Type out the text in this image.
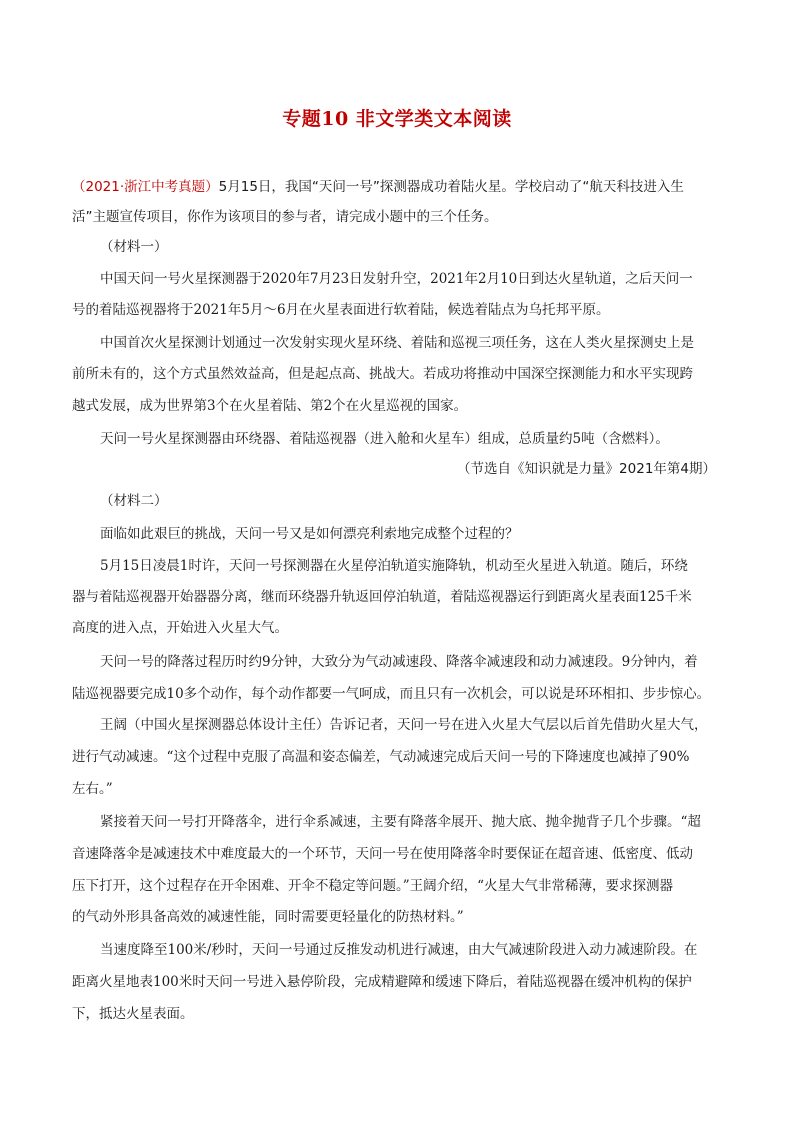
专题10 非文学类文本阅读
（2021·浙江中考真题）5月15日，我国“天问一号”探测器成功着陆火星。学校启动了“航天科技进入生
活”主题宣传项目，你作为该项目的参与者，请完成小题中的三个任务。
（材料一）
中国天问一号火星探测器于2020年7月23日发射升空，2021年2月10日到达火星轨道，之后天问一
号的着陆巡视器将于2021年5月～6月在火星表面进行软着陆，候选着陆点为乌托邦平原。
中国首次火星探测计划通过一次发射实现火星环绕、着陆和巡视三项任务，这在人类火星探测史上是
前所未有的，这个方式虽然效益高，但是起点高、挑战大。若成功将推动中国深空探测能力和水平实现跨
越式发展，成为世界第3个在火星着陆、第2个在火星巡视的国家。
天问一号火星探测器由环绕器、着陆巡视器（进入舱和火星车）组成，总质量约5吨（含燃料）。
（节选自《知识就是力量》2021年第4期）
（材料二）
面临如此艰巨的挑战，天问一号又是如何漂亮利索地完成整个过程的？
5月15日凌晨1时许，天问一号探测器在火星停泊轨道实施降轨，机动至火星进入轨道。随后，环绕
器与着陆巡视器开始器器分离，继而环绕器升轨返回停泊轨道，着陆巡视器运行到距离火星表面125千米
高度的进入点，开始进入火星大气。
天问一号的降落过程历时约9分钟，大致分为气动减速段、降落伞减速段和动力减速段。9分钟内，着
陆巡视器要完成10多个动作，每个动作都要一气呵成，而且只有一次机会，可以说是环环相扣、步步惊心。
王阔（中国火星探测器总体设计主任）告诉记者，天问一号在进入火星大气层以后首先借助火星大气，
进行气动减速。“这个过程中克服了高温和姿态偏差，气动减速完成后天问一号的下降速度也减掉了90%
左右。”
紧接着天问一号打开降落伞，进行伞系减速，主要有降落伞展开、抛大底、抛伞抛背子几个步骤。“超
音速降落伞是减速技术中难度最大的一个环节，天问一号在使用降落伞时要保证在超音速、低密度、低动
压下打开，这个过程存在开伞困难、开伞不稳定等问题。”王阔介绍，“火星大气非常稀薄，要求探测器
的气动外形具备高效的减速性能，同时需要更轻量化的防热材料。”
当速度降至100米/秒时，天问一号通过反推发动机进行减速，由大气减速阶段进入动力减速阶段。在
距离火星地表100米时天问一号进入悬停阶段，完成精避障和缓速下降后，着陆巡视器在缓冲机构的保护
下，抵达火星表面。
